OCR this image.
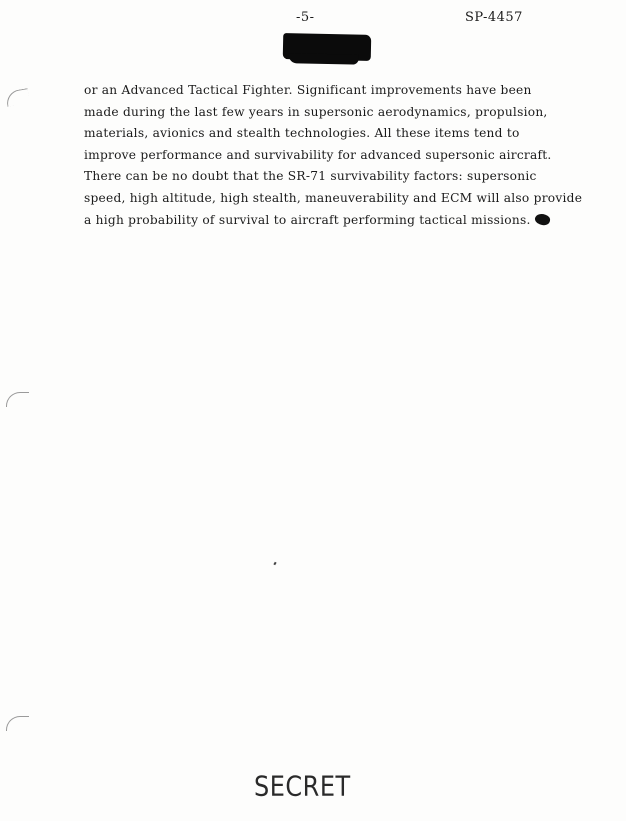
-5-	SP-4457
or an Advanced Tactical Fighter. Significant improvements have been
made during the last few years in supersonic aerodynamics, propulsion,
materials, avionics and stealth technologies. All these items tend to
improve performance and survivability for advanced supersonic aircraft.
There can be no doubt that the SR-71 survivability factors: supersonic
speed, high altitude, high stealth, maneuverability and ECM will also provide
a high probability of survival to aircraft performing tactical missions.
SECRET
